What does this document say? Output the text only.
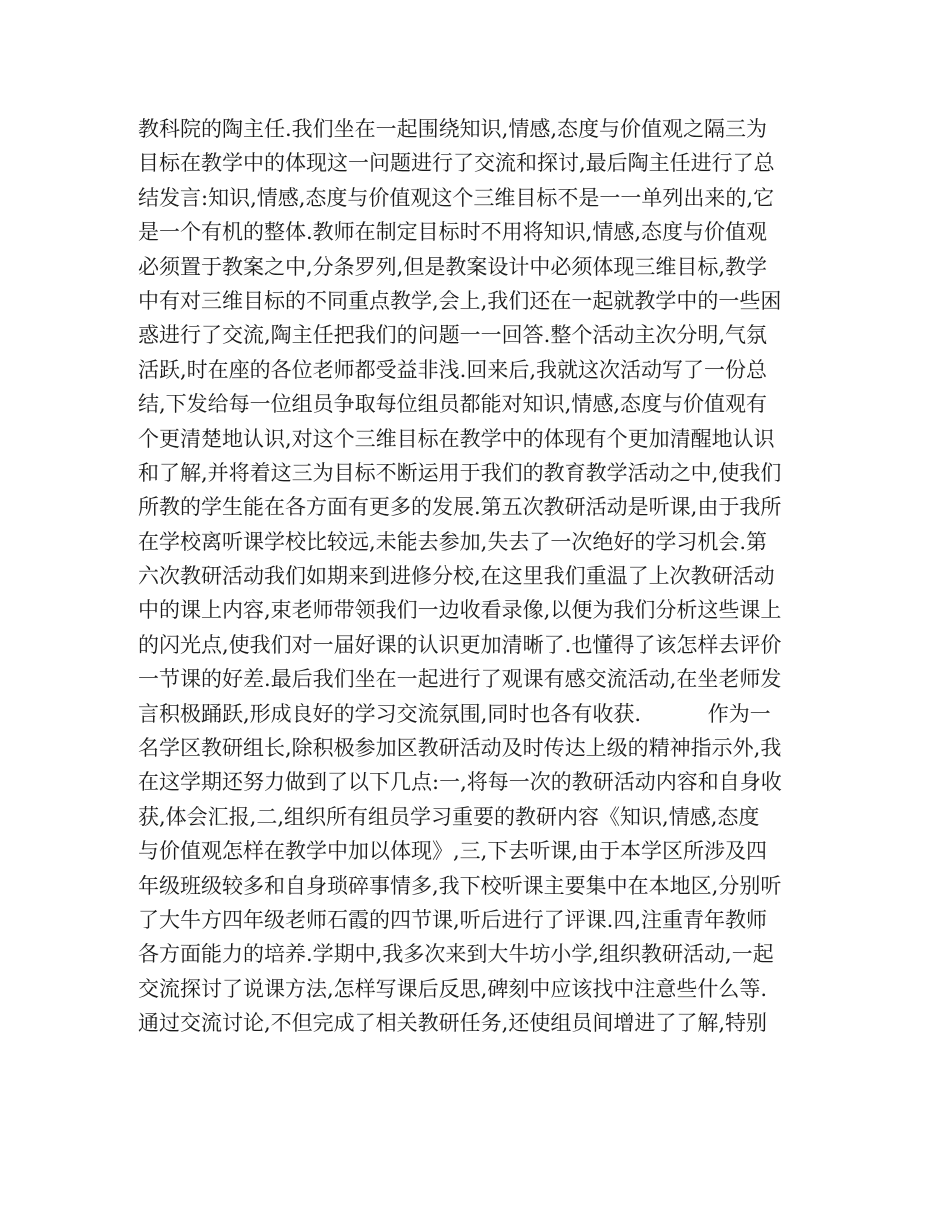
教科院的陶主任.我们坐在一起围绕知识,情感,态度与价值观之隔三为
目标在教学中的体现这一问题进行了交流和探讨,最后陶主任进行了总
结发言:知识,情感,态度与价值观这个三维目标不是一一单列出来的,它
是一个有机的整体.教师在制定目标时不用将知识,情感,态度与价值观
必须置于教案之中,分条罗列,但是教案设计中必须体现三维目标,教学
中有对三维目标的不同重点教学,会上,我们还在一起就教学中的一些困
惑进行了交流,陶主任把我们的问题一一回答.整个活动主次分明,气氛
活跃,时在座的各位老师都受益非浅.回来后,我就这次活动写了一份总
结,下发给每一位组员争取每位组员都能对知识,情感,态度与价值观有
个更清楚地认识,对这个三维目标在教学中的体现有个更加清醒地认识
和了解,并将着这三为目标不断运用于我们的教育教学活动之中,使我们
所教的学生能在各方面有更多的发展.第五次教研活动是听课,由于我所
在学校离听课学校比较远,未能去参加,失去了一次绝好的学习机会.第
六次教研活动我们如期来到进修分校,在这里我们重温了上次教研活动
中的课上内容,束老师带领我们一边收看录像,以便为我们分析这些课上
的闪光点,使我们对一届好课的认识更加清晰了.也懂得了该怎样去评价
一节课的好差.最后我们坐在一起进行了观课有感交流活动,在坐老师发
言积极踊跃,形成良好的学习交流氛围,同时也各有收获.          作为一
名学区教研组长,除积极参加区教研活动及时传达上级的精神指示外,我
在这学期还努力做到了以下几点:一,将每一次的教研活动内容和自身收
获,体会汇报,二,组织所有组员学习重要的教研内容《知识,情感,态度
与价值观怎样在教学中加以体现》,三,下去听课,由于本学区所涉及四
年级班级较多和自身琐碎事情多,我下校听课主要集中在本地区,分别听
了大牛方四年级老师石霞的四节课,听后进行了评课.四,注重青年教师
各方面能力的培养.学期中,我多次来到大牛坊小学,组织教研活动,一起
交流探讨了说课方法,怎样写课后反思,碑刻中应该找中注意些什么等.
通过交流讨论,不但完成了相关教研任务,还使组员间增进了了解,特别
